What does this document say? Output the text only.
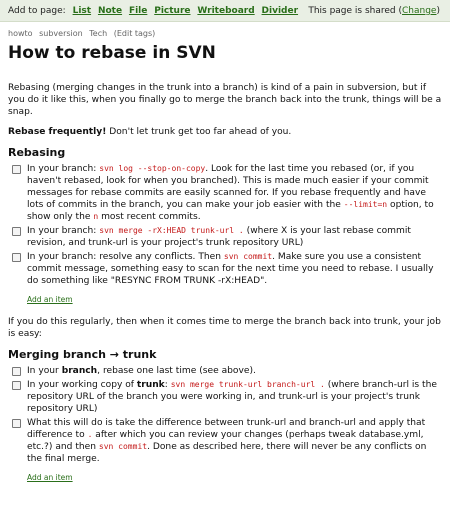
Add to page: List Note File Picture Writeboard Divider This page is shared (Change)
howto subversion Tech (Edit tags)
How to rebase in SVN

Rebasing (merging changes in the trunk into a branch) is kind of a pain in subversion, but if you do it like this, when you finally go to merge the branch back into the trunk, things will be a snap.

Rebase frequently! Don't let trunk get too far ahead of you.

Rebasing
In your branch: svn log --stop-on-copy. Look for the last time you rebased (or, if you haven't rebased, look for when you branched). This is made much easier if your commit messages for rebase commits are easily scanned for. If you rebase frequently and have lots of commits in the branch, you can make your job easier with the --limit=n option, to show only the n most recent commits.
In your branch: svn merge -rX:HEAD trunk-url . (where X is your last rebase commit revision, and trunk-url is your project's trunk repository URL)
In your branch: resolve any conflicts. Then svn commit. Make sure you use a consistent commit message, something easy to scan for the next time you need to rebase. I usually do something like "RESYNC FROM TRUNK -rX:HEAD".
Add an item

If you do this regularly, then when it comes time to merge the branch back into trunk, your job is easy:

Merging branch → trunk
In your branch, rebase one last time (see above).
In your working copy of trunk: svn merge trunk-url branch-url . (where branch-url is the repository URL of the branch you were working in, and trunk-url is your project's trunk repository URL)
What this will do is take the difference between trunk-url and branch-url and apply that difference to . after which you can review your changes (perhaps tweak database.yml, etc.?) and then svn commit. Done as described here, there will never be any conflicts on the final merge.
Add an item
